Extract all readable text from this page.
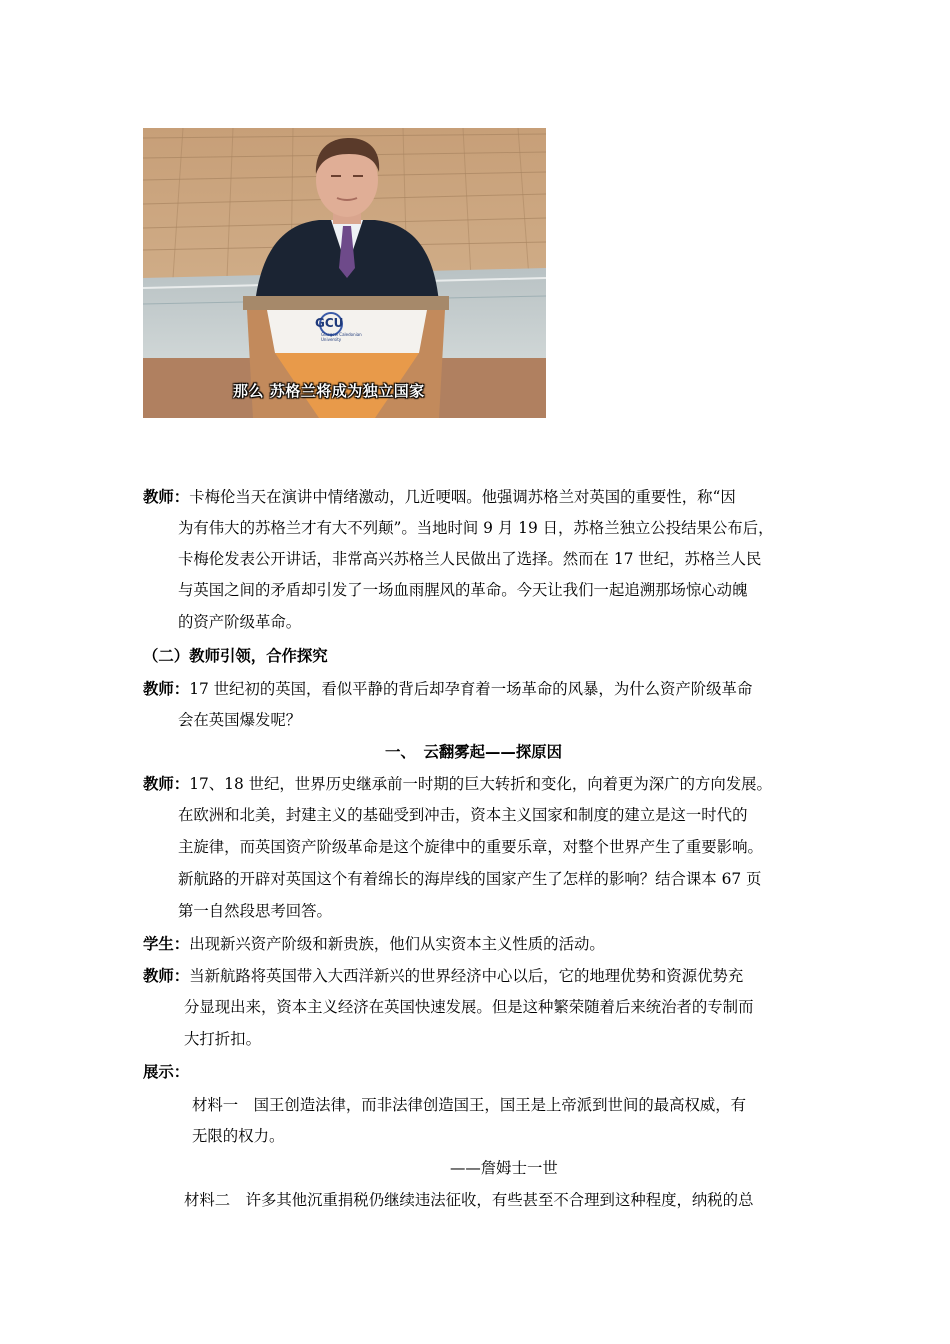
GCU
Glasgow Caledonian University
那么 苏格兰将成为独立国家
教师：卡梅伦当天在演讲中情绪激动，几近哽咽。他强调苏格兰对英国的重要性，称“因
为有伟大的苏格兰才有大不列颠”。当地时间 9 月 19 日，苏格兰独立公投结果公布后，
卡梅伦发表公开讲话，非常高兴苏格兰人民做出了选择。然而在 17 世纪，苏格兰人民
与英国之间的矛盾却引发了一场血雨腥风的革命。今天让我们一起追溯那场惊心动魄
的资产阶级革命。
（二）教师引领，合作探究
教师：17 世纪初的英国，看似平静的背后却孕育着一场革命的风暴，为什么资产阶级革命
会在英国爆发呢？
一、　云翻雾起——探原因
教师：17、18 世纪，世界历史继承前一时期的巨大转折和变化，向着更为深广的方向发展。
在欧洲和北美，封建主义的基础受到冲击，资本主义国家和制度的建立是这一时代的
主旋律，而英国资产阶级革命是这个旋律中的重要乐章，对整个世界产生了重要影响。
新航路的开辟对英国这个有着绵长的海岸线的国家产生了怎样的影响？结合课本 67 页
第一自然段思考回答。
学生：出现新兴资产阶级和新贵族，他们从实资本主义性质的活动。
教师：当新航路将英国带入大西洋新兴的世界经济中心以后，它的地理优势和资源优势充
分显现出来，资本主义经济在英国快速发展。但是这种繁荣随着后来统治者的专制而
大打折扣。
展示：
材料一　国王创造法律，而非法律创造国王，国王是上帝派到世间的最高权威，有
无限的权力。
——詹姆士一世
材料二　许多其他沉重捐税仍继续违法征收，有些甚至不合理到这种程度，纳税的总
